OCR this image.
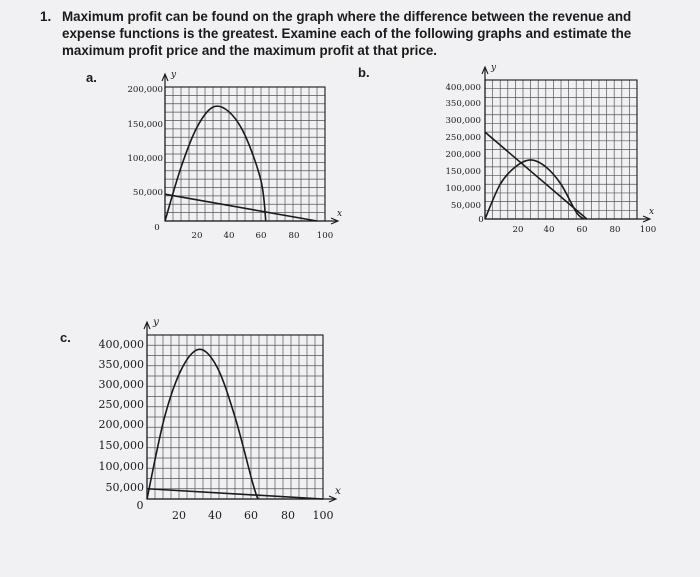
1. Maximum profit can be found on the graph where the difference between the revenue and expense functions is the greatest. Examine each of the following graphs and estimate the maximum profit price and the maximum profit at that price.
a.	b.
c.
y
x
200,000
150,000
100,000
50,000
20 40 60	80 100
0
y
x
400,000
350,000
300,000
250,000
200,000
150,000
100,000
50,000
20 40	60	80 100
0
y
x
400,000
350,000
300,000
250,000
200,000
150,000
100,000
50,000
20 40 60 80 100
0
